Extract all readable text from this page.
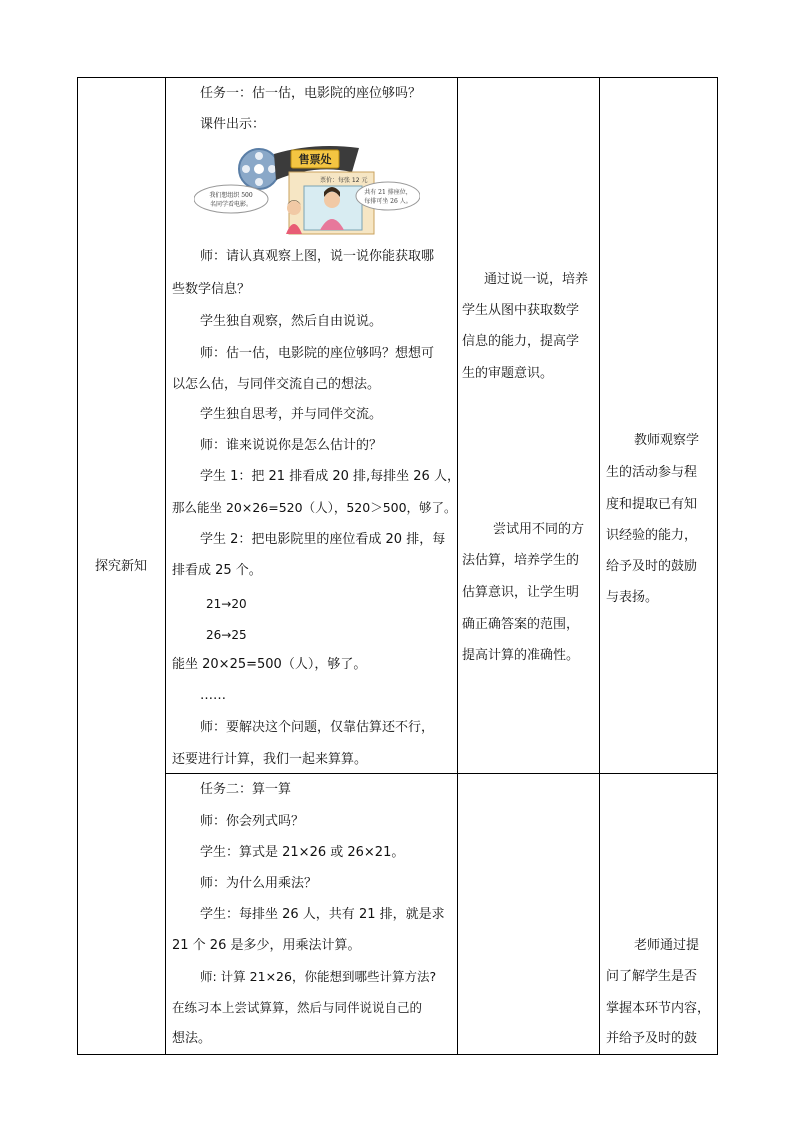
探究新知
任务一：估一估，电影院的座位够吗？
课件出示：
售票处
票价：每张 12 元
我们想组织 500
名同学看电影。
共有 21 排座位，
每排可坐 26 人。
师：请认真观察上图，说一说你能获取哪
些数学信息？
学生独自观察，然后自由说说。
师：估一估，电影院的座位够吗？想想可
以怎么估，与同伴交流自己的想法。
学生独自思考，并与同伴交流。
师：谁来说说你是怎么估计的？
学生 1：把 21 排看成 20 排,每排坐 26 人，
那么能坐 20×26=520（人），520＞500，够了。
学生 2：把电影院里的座位看成 20 排，每
排看成 25 个。
21→20
26→25
能坐 20×25=500（人），够了。
……
师：要解决这个问题，仅靠估算还不行，
还要进行计算，我们一起来算算。
通过说一说，培养
学生从图中获取数学
信息的能力，提高学
生的审题意识。
尝试用不同的方
法估算，培养学生的
估算意识，让学生明
确正确答案的范围，
提高计算的准确性。
教师观察学
生的活动参与程
度和提取已有知
识经验的能力，
给予及时的鼓励
与表扬。
任务二：算一算
师：你会列式吗？
学生：算式是 21×26 或 26×21。
师：为什么用乘法？
学生：每排坐 26 人，共有 21 排，就是求
21 个 26 是多少，用乘法计算。
师: 计算 21×26，你能想到哪些计算方法?
在练习本上尝试算算，然后与同伴说说自己的
想法。
老师通过提
问了解学生是否
掌握本环节内容，
并给予及时的鼓
